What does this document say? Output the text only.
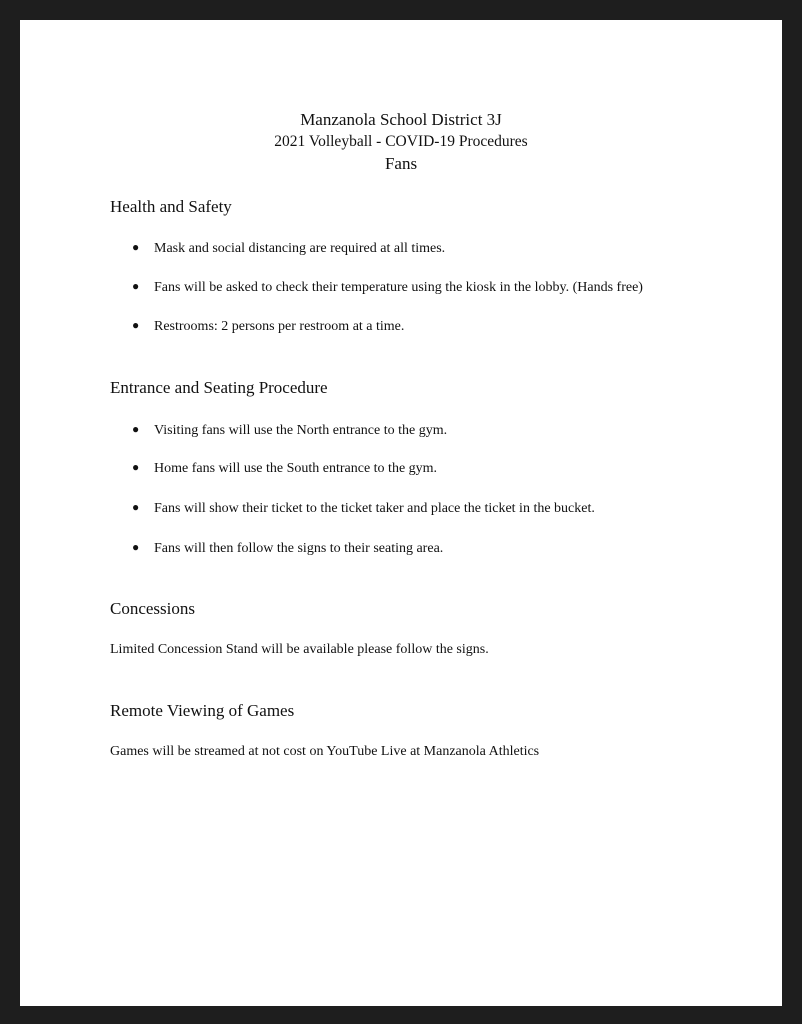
Manzanola School District 3J
2021 Volleyball - COVID-19 Procedures
Fans
Health and Safety
● Mask and social distancing are required at all times.
● Fans will be asked to check their temperature using the kiosk in the lobby. (Hands free)
● Restrooms: 2 persons per restroom at a time.
Entrance and Seating Procedure
● Visiting fans will use the North entrance to the gym.
● Home fans will use the South entrance to the gym.
● Fans will show their ticket to the ticket taker and place the ticket in the bucket.
● Fans will then follow the signs to their seating area.
Concessions
Limited Concession Stand will be available please follow the signs.
Remote Viewing of Games
Games will be streamed at not cost on YouTube Live at Manzanola Athletics
